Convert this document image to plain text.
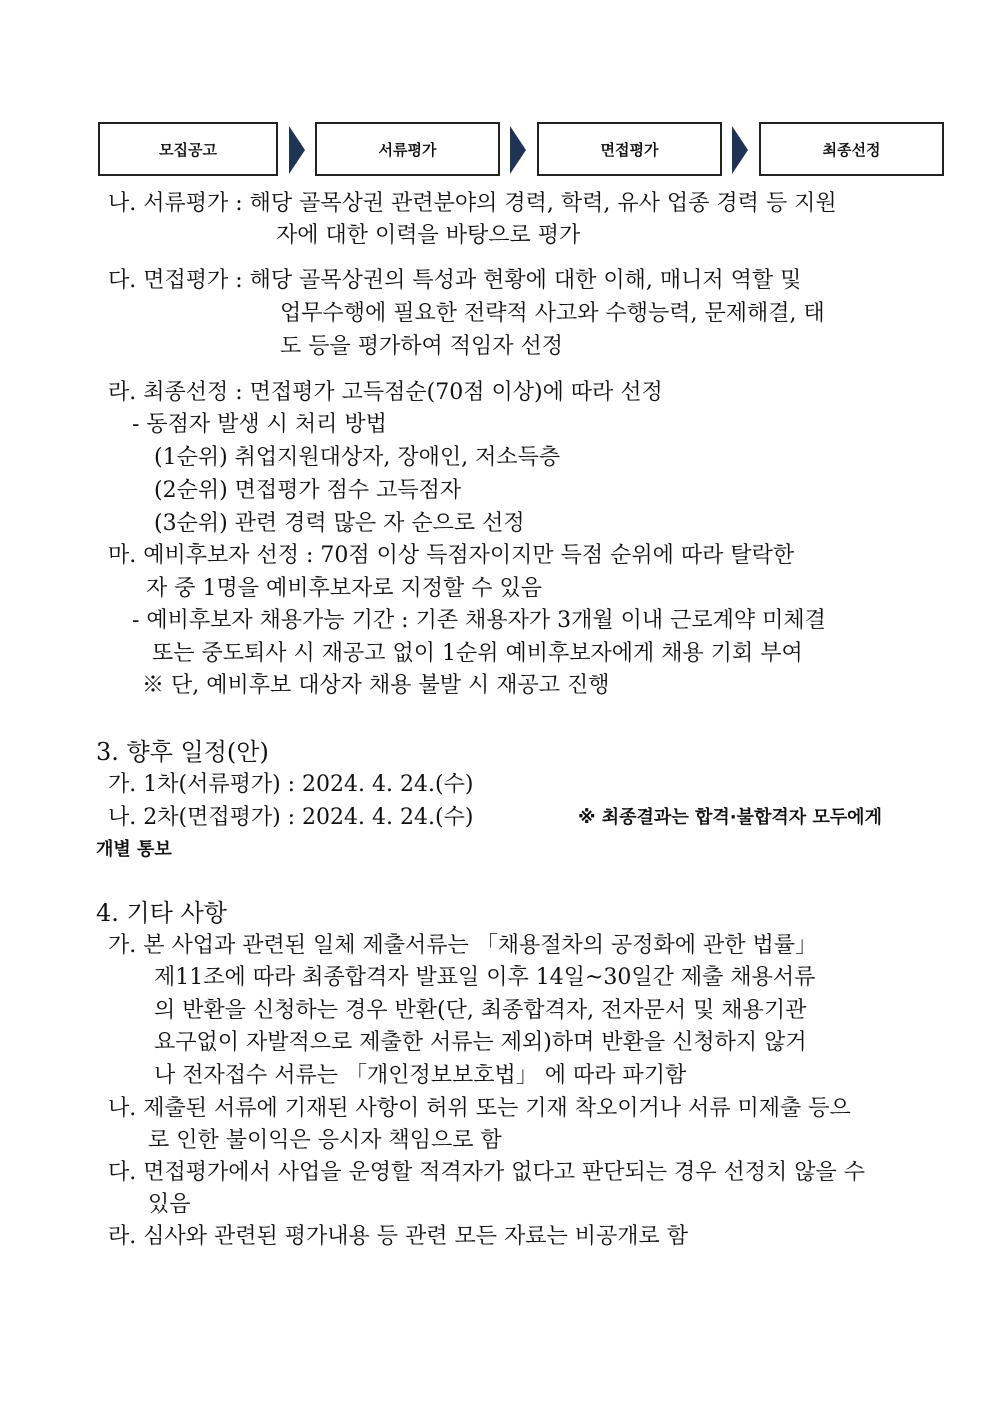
모집공고	서류평가	면접평가	최종선정
나. 서류평가 : 해당 골목상권 관련분야의 경력, 학력, 유사 업종 경력 등 지원
자에 대한 이력을 바탕으로 평가
다. 면접평가 : 해당 골목상권의 특성과 현황에 대한 이해, 매니저 역할 및
업무수행에 필요한 전략적 사고와 수행능력, 문제해결, 태
도 등을 평가하여 적임자 선정
라. 최종선정 : 면접평가 고득점순(70점 이상)에 따라 선정
- 동점자 발생 시 처리 방법
(1순위) 취업지원대상자, 장애인, 저소득층
(2순위) 면접평가 점수 고득점자
(3순위) 관련 경력 많은 자 순으로 선정
마. 예비후보자 선정 : 70점 이상 득점자이지만 득점 순위에 따라 탈락한
자 중 1명을 예비후보자로 지정할 수 있음
- 예비후보자 채용가능 기간 : 기존 채용자가 3개월 이내 근로계약 미체결
또는 중도퇴사 시 재공고 없이 1순위 예비후보자에게 채용 기회 부여
※ 단, 예비후보 대상자 채용 불발 시 재공고 진행
3. 향후 일정(안)
가. 1차(서류평가) : 2024. 4. 24.(수)
나. 2차(면접평가) : 2024. 4. 24.(수)	※ 최종결과는 합격·불합격자 모두에게
개별 통보
4. 기타 사항
가. 본 사업과 관련된 일체 제출서류는 「채용절차의 공정화에 관한 법률」
제11조에 따라 최종합격자 발표일 이후 14일~30일간 제출 채용서류
의 반환을 신청하는 경우 반환(단, 최종합격자, 전자문서 및 채용기관
요구없이 자발적으로 제출한 서류는 제외)하며 반환을 신청하지 않거
나 전자접수 서류는 「개인정보보호법」 에 따라 파기함
나. 제출된 서류에 기재된 사항이 허위 또는 기재 착오이거나 서류 미제출 등으
로 인한 불이익은 응시자 책임으로 함
다. 면접평가에서 사업을 운영할 적격자가 없다고 판단되는 경우 선정치 않을 수
있음
라. 심사와 관련된 평가내용 등 관련 모든 자료는 비공개로 함
